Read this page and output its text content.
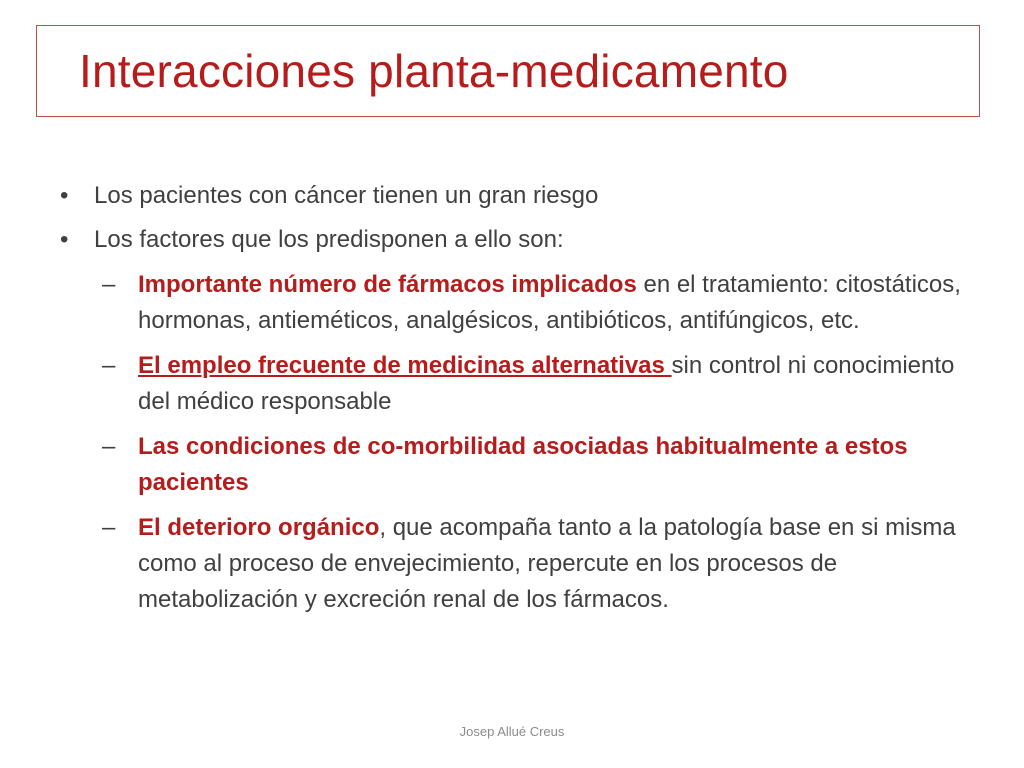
Interacciones planta-medicamento
• Los pacientes con cáncer tienen un gran riesgo
• Los factores que los predisponen a ello son:
– Importante número de fármacos implicados en el tratamiento: citostáticos, hormonas, antieméticos, analgésicos, antibióticos, antifúngicos, etc.
– El empleo frecuente de medicinas alternativas sin control ni conocimiento del médico responsable
– Las condiciones de co-morbilidad asociadas habitualmente a estos pacientes
– El deterioro orgánico, que acompaña tanto a la patología base en si misma como al proceso de envejecimiento, repercute en los procesos de metabolización y excreción renal de los fármacos.
Josep Allué Creus
